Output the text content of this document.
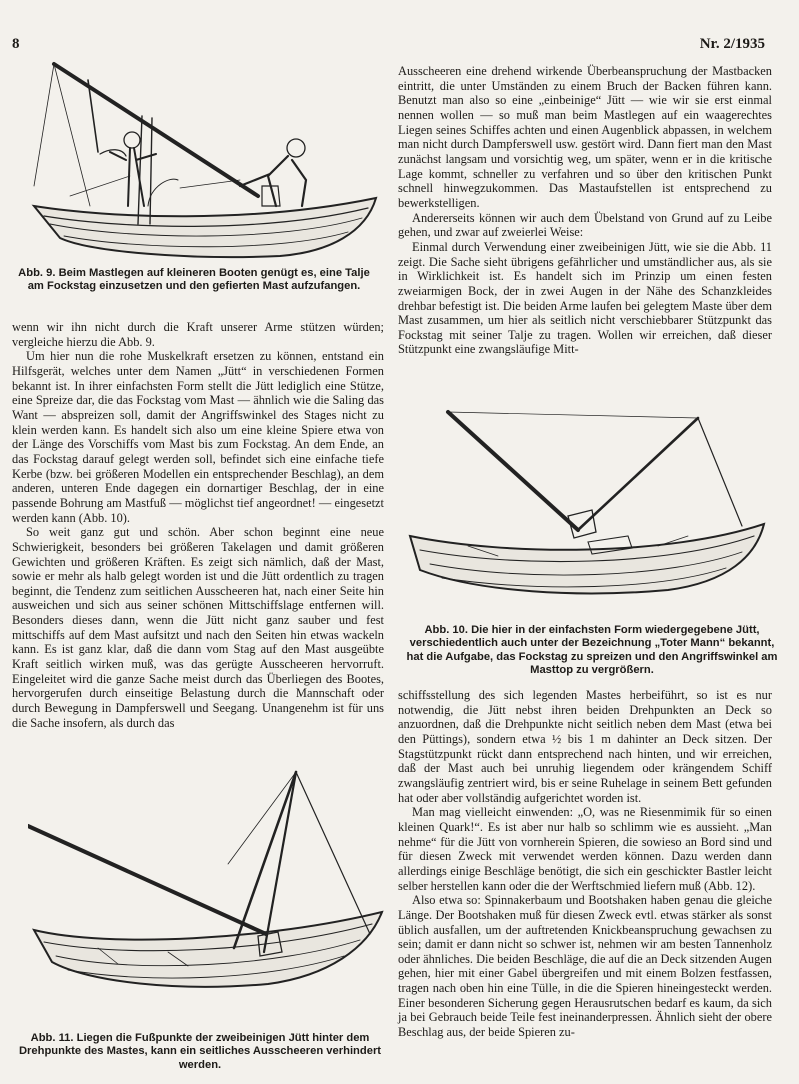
8	Nr. 2/1935
Abb. 9. Beim Mastlegen auf kleineren Booten genügt es, eine Talje am Fockstag einzusetzen und den gefierten Mast aufzufangen.

wenn wir ihn nicht durch die Kraft unserer Arme stützen würden; vergleiche hierzu die Abb. 9.

Um hier nun die rohe Muskelkraft ersetzen zu können, entstand ein Hilfsgerät, welches unter dem Namen „Jütt“ in verschiedenen Formen bekannt ist. In ihrer einfachsten Form stellt die Jütt lediglich eine Stütze, eine Spreize dar, die das Fockstag vom Mast — ähnlich wie die Saling das Want — abspreizen soll, damit der Angriffswinkel des Stages nicht zu klein werden kann. Es handelt sich also um eine kleine Spiere etwa von der Länge des Vorschiffs vom Mast bis zum Fockstag. An dem Ende, an das Fockstag darauf gelegt werden soll, befindet sich eine einfache tiefe Kerbe (bzw. bei größeren Modellen ein entsprechender Beschlag), an dem anderen, unteren Ende dagegen ein dornartiger Beschlag, der in eine passende Bohrung am Mastfuß — möglichst tief angeordnet! — eingesetzt werden kann (Abb. 10).

So weit ganz gut und schön. Aber schon beginnt eine neue Schwierigkeit, besonders bei größeren Takelagen und damit größeren Gewichten und größeren Kräften. Es zeigt sich nämlich, daß der Mast, sowie er mehr als halb gelegt worden ist und die Jütt ordentlich zu tragen beginnt, die Tendenz zum seitlichen Ausscheeren hat, nach einer Seite hin ausweichen und sich aus seiner schönen Mittschiffslage entfernen will. Besonders dieses dann, wenn die Jütt nicht ganz sauber und fest mittschiffs auf dem Mast aufsitzt und nach den Seiten hin etwas wackeln kann. Es ist ganz klar, daß die dann vom Stag auf den Mast ausgeübte Kraft seitlich wirken muß, was das gerügte Ausscheeren hervorruft. Eingeleitet wird die ganze Sache meist durch das Überliegen des Bootes, hervorgerufen durch einseitige Belastung durch die Mannschaft oder durch Bewegung in Dampferswell und Seegang. Unangenehm ist für uns die Sache insofern, als durch das

Abb. 11. Liegen die Fußpunkte der zweibeinigen Jütt hinter dem Drehpunkte des Mastes, kann ein seitliches Ausscheeren verhindert werden.

Ausscheeren eine drehend wirkende Überbeanspruchung der Mastbacken eintritt, die unter Umständen zu einem Bruch der Backen führen kann. Benutzt man also so eine „einbeinige“ Jütt — wie wir sie erst einmal nennen wollen — so muß man beim Mastlegen auf ein waagerechtes Liegen seines Schiffes achten und einen Augenblick abpassen, in welchem man nicht durch Dampferswell usw. gestört wird. Dann fiert man den Mast zunächst langsam und vorsichtig weg, um später, wenn er in die kritische Lage kommt, schneller zu verfahren und so über den kritischen Punkt schnell hinwegzukommen. Das Mastaufstellen ist entsprechend zu bewerkstelligen.

Andererseits können wir auch dem Übelstand von Grund auf zu Leibe gehen, und zwar auf zweierlei Weise:

Einmal durch Verwendung einer zweibeinigen Jütt, wie sie die Abb. 11 zeigt. Die Sache sieht übrigens gefährlicher und umständlicher aus, als sie in Wirklichkeit ist. Es handelt sich im Prinzip um einen festen zweiarmigen Bock, der in zwei Augen in der Nähe des Schanzkleides drehbar befestigt ist. Die beiden Arme laufen bei gelegtem Maste über dem Mast zusammen, um hier als seitlich nicht verschiebbarer Stützpunkt das Fockstag mit seiner Talje zu tragen. Wollen wir erreichen, daß dieser Stützpunkt eine zwangsläufige Mitt-

Abb. 10. Die hier in der einfachsten Form wiedergegebene Jütt, verschiedentlich auch unter der Bezeichnung „Toter Mann“ bekannt, hat die Aufgabe, das Fockstag zu spreizen und den Angriffswinkel am Masttop zu vergrößern.

schiffsstellung des sich legenden Mastes herbeiführt, so ist es nur notwendig, die Jütt nebst ihren beiden Drehpunkten an Deck so anzuordnen, daß die Drehpunkte nicht seitlich neben dem Mast (etwa bei den Püttings), sondern etwa ½ bis 1 m dahinter an Deck sitzen. Der Stagstützpunkt rückt dann entsprechend nach hinten, und wir erreichen, daß der Mast auch bei unruhig liegendem oder krängendem Schiff zwangsläufig zentriert wird, bis er seine Ruhelage in seinem Bett gefunden hat oder aber vollständig aufgerichtet worden ist.

Man mag vielleicht einwenden: „O, was ne Riesenmimik für so einen kleinen Quark!“. Es ist aber nur halb so schlimm wie es aussieht. „Man nehme“ für die Jütt von vornherein Spieren, die sowieso an Bord sind und für diesen Zweck mit verwendet werden können. Dazu werden dann allerdings einige Beschläge benötigt, die sich ein geschickter Bastler leicht selber herstellen kann oder die der Werftschmied liefern muß (Abb. 12).

Also etwa so: Spinnakerbaum und Bootshaken haben genau die gleiche Länge. Der Bootshaken muß für diesen Zweck evtl. etwas stärker als sonst üblich ausfallen, um der auftretenden Knickbeanspruchung gewachsen zu sein; damit er dann nicht so schwer ist, nehmen wir am besten Tannenholz oder ähnliches. Die beiden Beschläge, die auf die an Deck sitzenden Augen gehen, hier mit einer Gabel übergreifen und mit einem Bolzen festfassen, tragen nach oben hin eine Tülle, in die die Spieren hineingesteckt werden. Einer besonderen Sicherung gegen Herausrutschen bedarf es kaum, da sich ja bei Gebrauch beide Teile fest ineinanderpressen. Ähnlich sieht der obere Beschlag aus, der beide Spieren zu-
